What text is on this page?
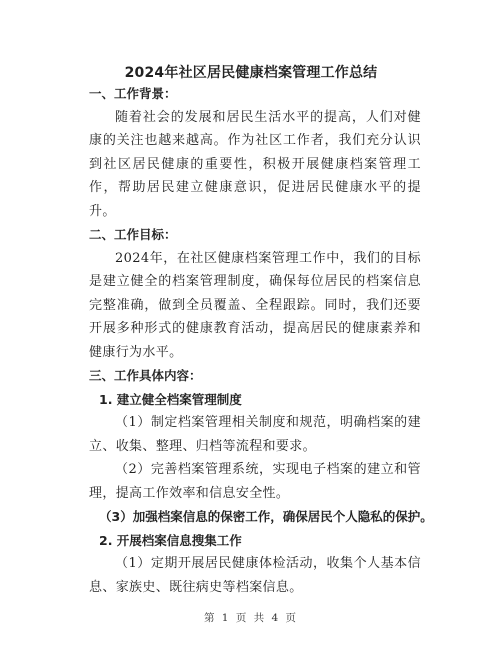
2024年社区居民健康档案管理工作总结
一、工作背景：
随着社会的发展和居民生活水平的提高，人们对健康的关注也越来越高。作为社区工作者，我们充分认识到社区居民健康的重要性，积极开展健康档案管理工作，帮助居民建立健康意识，促进居民健康水平的提升。
二、工作目标：
2024年，在社区健康档案管理工作中，我们的目标是建立健全的档案管理制度，确保每位居民的档案信息完整准确，做到全员覆盖、全程跟踪。同时，我们还要开展多种形式的健康教育活动，提高居民的健康素养和健康行为水平。
三、工作具体内容：
1. 建立健全档案管理制度
（1）制定档案管理相关制度和规范，明确档案的建立、收集、整理、归档等流程和要求。
（2）完善档案管理系统，实现电子档案的建立和管理，提高工作效率和信息安全性。
（3）加强档案信息的保密工作，确保居民个人隐私的保护。
2. 开展档案信息搜集工作
（1）定期开展居民健康体检活动，收集个人基本信息、家族史、既往病史等档案信息。
第 1 页 共 4 页
